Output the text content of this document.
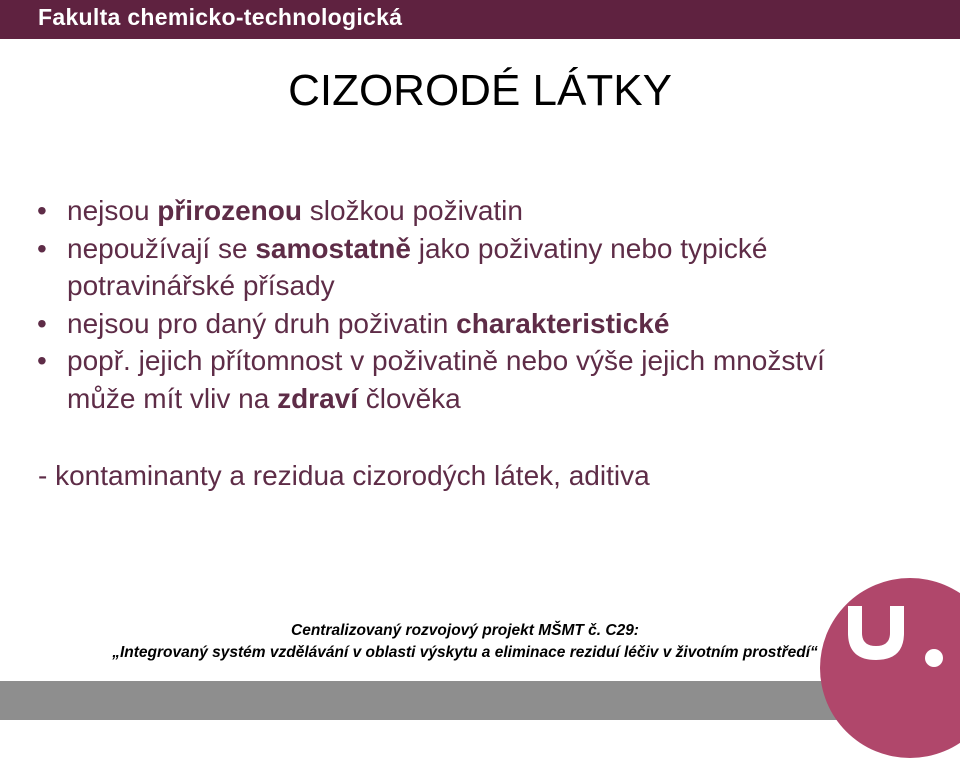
Fakulta chemicko-technologická
CIZORODÉ LÁTKY
• nejsou přirozenou složkou poživatin
• nepoužívají se samostatně jako poživatiny nebo typické potravinářské přísady
• nejsou pro daný druh poživatin charakteristické
• popř. jejich přítomnost v poživatině nebo výše jejich množství může mít vliv na zdraví člověka
- kontaminanty a rezidua cizorodých látek, aditiva
Centralizovaný rozvojový projekt MŠMT č. C29:
„Integrovaný systém vzdělávání v oblasti výskytu a eliminace reziduí léčiv v životním prostředí“
